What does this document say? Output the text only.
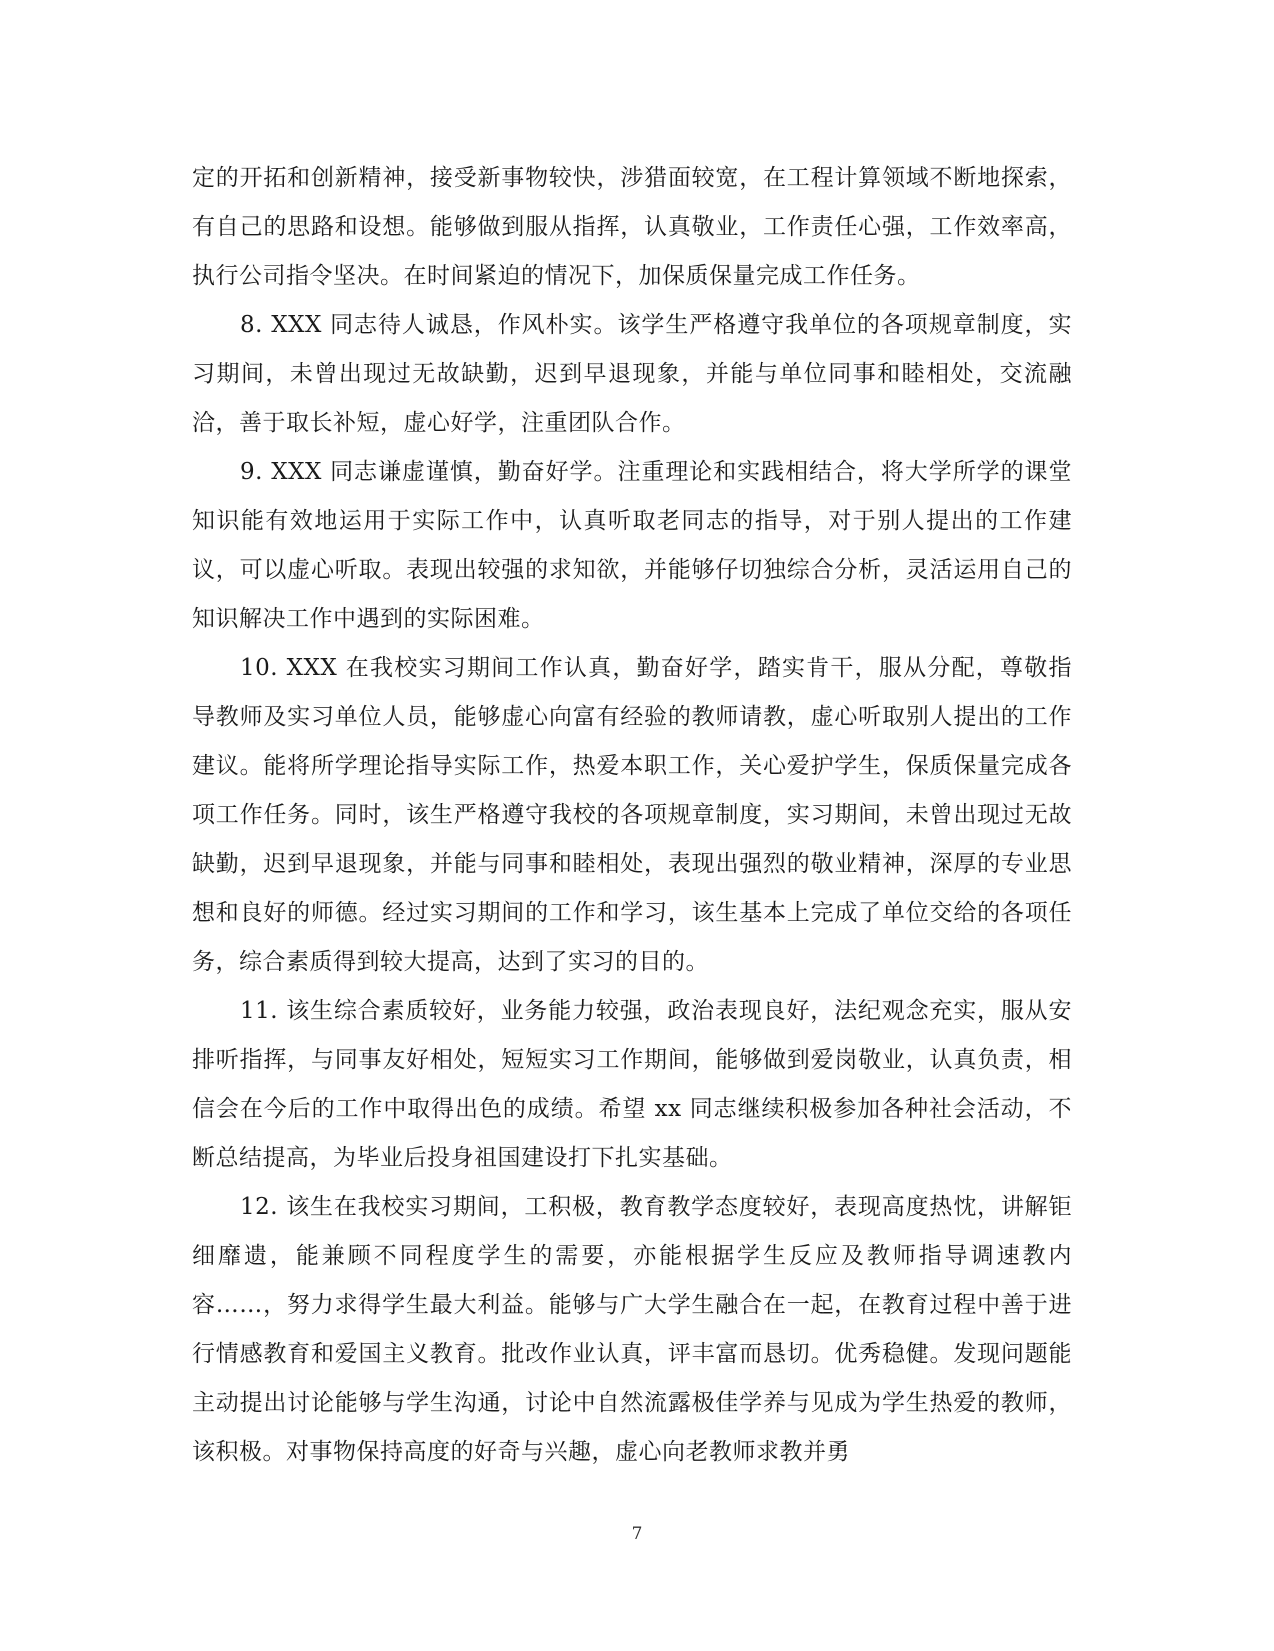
定的开拓和创新精神，接受新事物较快，涉猎面较宽，在工程计算领域不断地探索，有自己的思路和设想。能够做到服从指挥，认真敬业，工作责任心强，工作效率高，执行公司指令坚决。在时间紧迫的情况下，加保质保量完成工作任务。

8. XXX 同志待人诚恳，作风朴实。该学生严格遵守我单位的各项规章制度，实习期间，未曾出现过无故缺勤，迟到早退现象，并能与单位同事和睦相处，交流融洽，善于取长补短，虚心好学，注重团队合作。

9. XXX 同志谦虚谨慎，勤奋好学。注重理论和实践相结合，将大学所学的课堂知识能有效地运用于实际工作中，认真听取老同志的指导，对于别人提出的工作建议，可以虚心听取。表现出较强的求知欲，并能够仔切独综合分析，灵活运用自己的知识解决工作中遇到的实际困难。

10. XXX 在我校实习期间工作认真，勤奋好学，踏实肯干，服从分配，尊敬指导教师及实习单位人员，能够虚心向富有经验的教师请教，虚心听取别人提出的工作建议。能将所学理论指导实际工作，热爱本职工作，关心爱护学生，保质保量完成各项工作任务。同时，该生严格遵守我校的各项规章制度，实习期间，未曾出现过无故缺勤，迟到早退现象，并能与同事和睦相处，表现出强烈的敬业精神，深厚的专业思想和良好的师德。经过实习期间的工作和学习，该生基本上完成了单位交给的各项任务，综合素质得到较大提高，达到了实习的目的。

11. 该生综合素质较好，业务能力较强，政治表现良好，法纪观念充实，服从安排听指挥，与同事友好相处，短短实习工作期间，能够做到爱岗敬业，认真负责，相信会在今后的工作中取得出色的成绩。希望 xx 同志继续积极参加各种社会活动，不断总结提高，为毕业后投身祖国建设打下扎实基础。

12. 该生在我校实习期间，工积极，教育教学态度较好，表现高度热忱，讲解钜细靡遗，能兼顾不同程度学生的需要，亦能根据学生反应及教师指导调速教内容……，努力求得学生最大利益。能够与广大学生融合在一起，在教育过程中善于进行情感教育和爱国主义教育。批改作业认真，评丰富而恳切。优秀稳健。发现问题能主动提出讨论能够与学生沟通，讨论中自然流露极佳学养与见成为学生热爱的教师，该积极。对事物保持高度的好奇与兴趣，虚心向老教师求教并勇

7
